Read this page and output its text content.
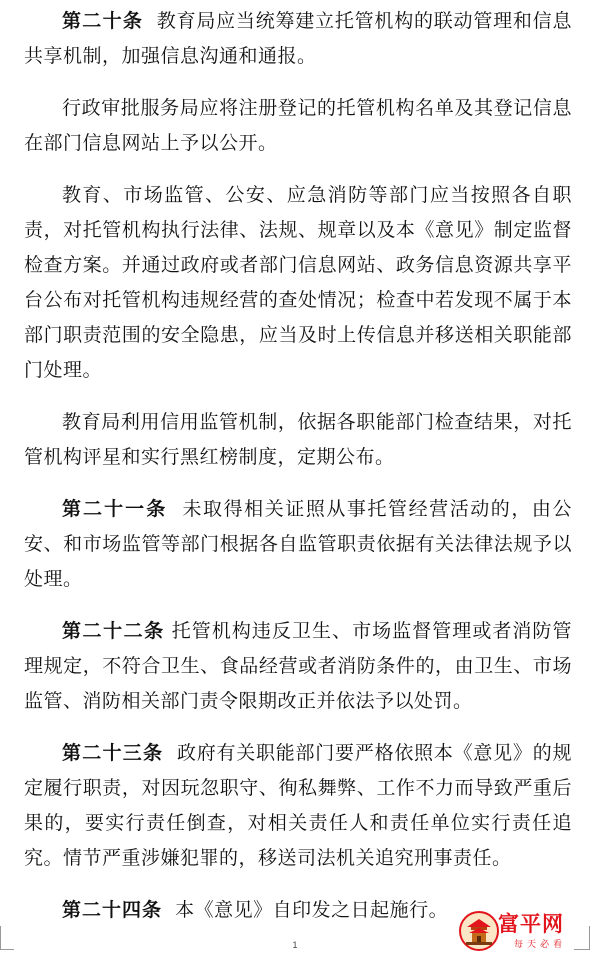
第二十条 教育局应当统筹建立托管机构的联动管理和信息共享机制，加强信息沟通和通报。

行政审批服务局应将注册登记的托管机构名单及其登记信息在部门信息网站上予以公开。

教育、市场监管、公安、应急消防等部门应当按照各自职责，对托管机构执行法律、法规、规章以及本《意见》制定监督检查方案。并通过政府或者部门信息网站、政务信息资源共享平台公布对托管机构违规经营的查处情况；检查中若发现不属于本部门职责范围的安全隐患，应当及时上传信息并移送相关职能部门处理。

教育局利用信用监管机制，依据各职能部门检查结果，对托管机构评星和实行黑红榜制度，定期公布。

第二十一条 未取得相关证照从事托管经营活动的，由公安、和市场监管等部门根据各自监管职责依据有关法律法规予以处理。

第二十二条 托管机构违反卫生、市场监督管理或者消防管理规定，不符合卫生、食品经营或者消防条件的，由卫生、市场监管、消防相关部门责令限期改正并依法予以处罚。

第二十三条 政府有关职能部门要严格依照本《意见》的规定履行职责，对因玩忽职守、徇私舞弊、工作不力而导致严重后果的，要实行责任倒查，对相关责任人和责任单位实行责任追究。情节严重涉嫌犯罪的，移送司法机关追究刑事责任。

第二十四条 本《意见》自印发之日起施行。

1
富平网
每天必看
